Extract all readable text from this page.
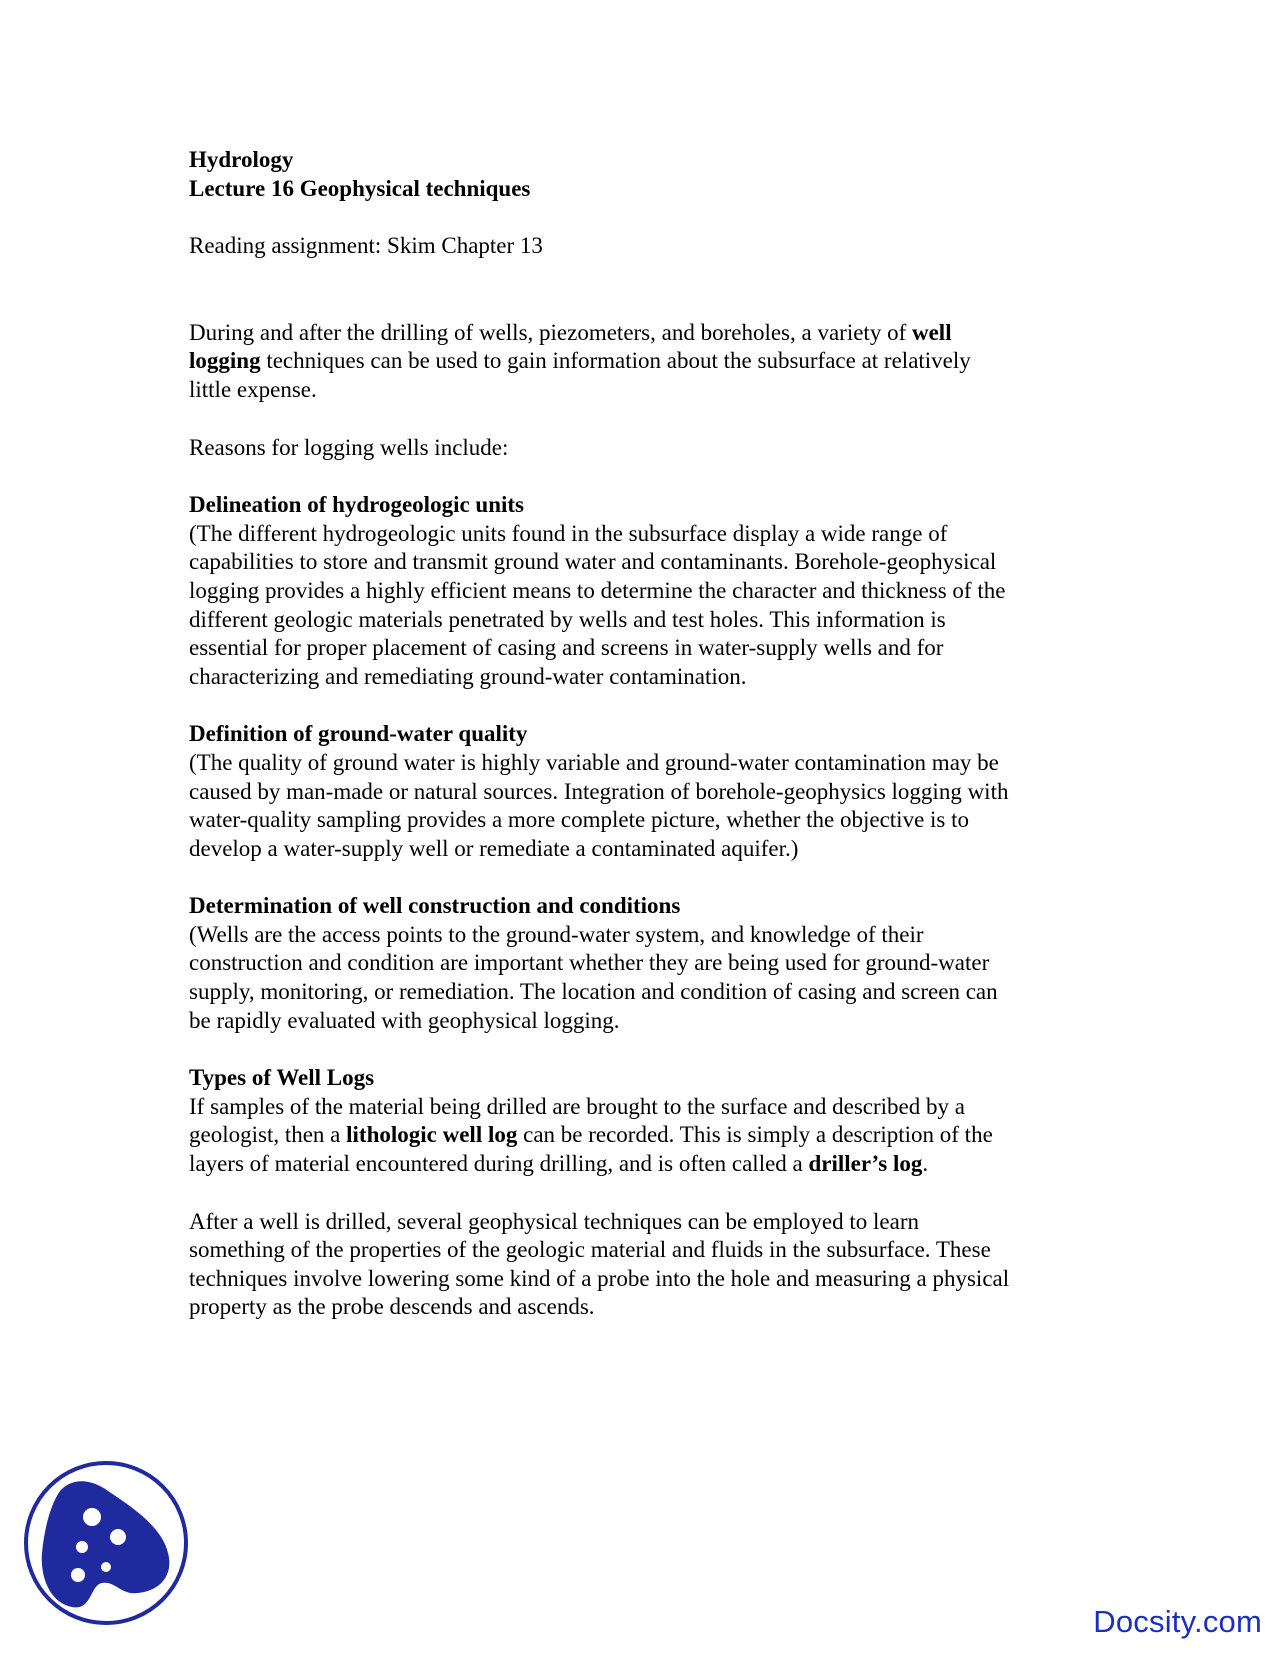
Hydrology
Lecture 16 Geophysical techniques
Reading assignment: Skim Chapter 13
During and after the drilling of wells, piezometers, and boreholes, a variety of well
logging techniques can be used to gain information about the subsurface at relatively
little expense.
Reasons for logging wells include:
Delineation of hydrogeologic units
(The different hydrogeologic units found in the subsurface display a wide range of
capabilities to store and transmit ground water and contaminants. Borehole-geophysical
logging provides a highly efficient means to determine the character and thickness of the
different geologic materials penetrated by wells and test holes. This information is
essential for proper placement of casing and screens in water-supply wells and for
characterizing and remediating ground-water contamination.
Definition of ground-water quality
(The quality of ground water is highly variable and ground-water contamination may be
caused by man-made or natural sources. Integration of borehole-geophysics logging with
water-quality sampling provides a more complete picture, whether the objective is to
develop a water-supply well or remediate a contaminated aquifer.)
Determination of well construction and conditions
(Wells are the access points to the ground-water system, and knowledge of their
construction and condition are important whether they are being used for ground-water
supply, monitoring, or remediation. The location and condition of casing and screen can
be rapidly evaluated with geophysical logging.
Types of Well Logs
If samples of the material being drilled are brought to the surface and described by a
geologist, then a lithologic well log can be recorded. This is simply a description of the
layers of material encountered during drilling, and is often called a driller’s log.
After a well is drilled, several geophysical techniques can be employed to learn
something of the properties of the geologic material and fluids in the subsurface. These
techniques involve lowering some kind of a probe into the hole and measuring a physical
property as the probe descends and ascends.
Docsity.com
